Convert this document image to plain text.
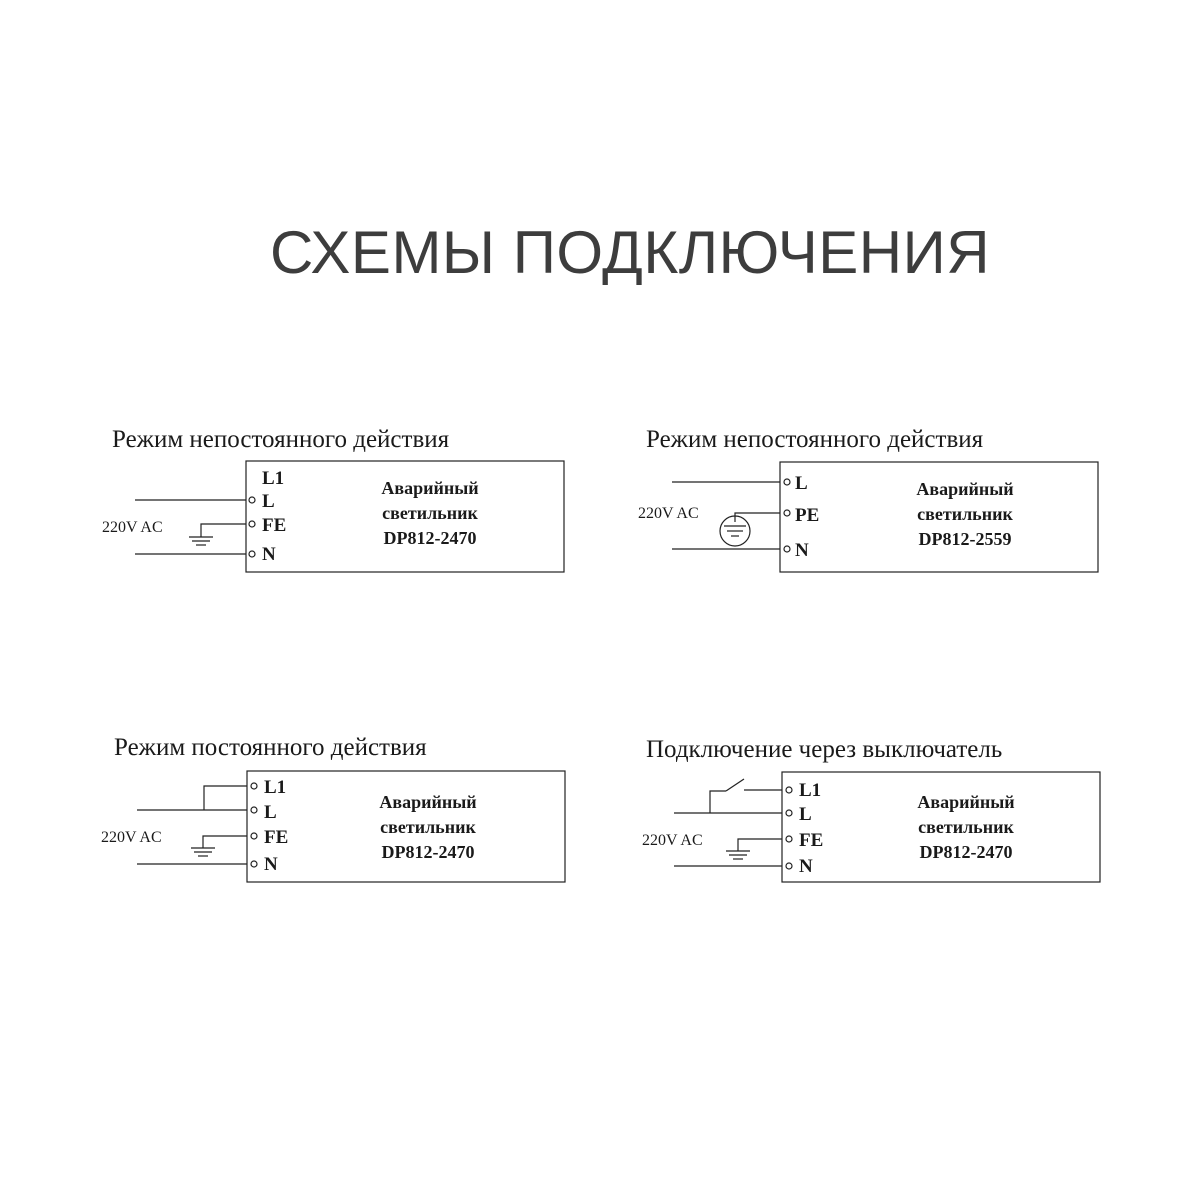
СХЕМЫ ПОДКЛЮЧЕНИЯ
Режим непостоянного действия
L1
L
FE
N
220V AC
Аварийный
светильник
DP812-2470
Режим непостоянного действия
L
PE
N
220V AC
Аварийный
светильник
DP812-2559
Режим постоянного действия
L1
L
FE
N
220V AC
Аварийный
светильник
DP812-2470
Подключение через выключатель
L1
L
FE
N
220V AC
Аварийный
светильник
DP812-2470
